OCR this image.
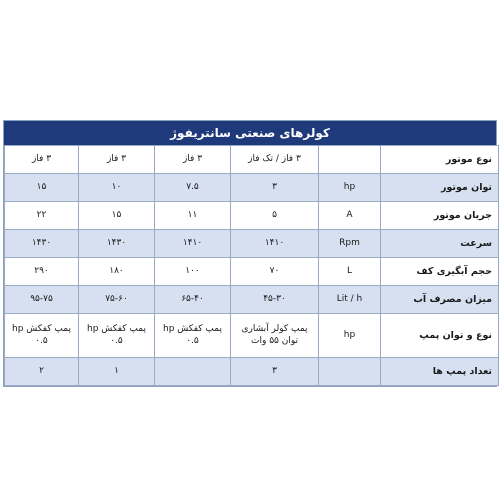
کولرهای صنعتی سانتریفوژ
نوع موتور		۳ فاز / تک فاز	۳ فاز	۳ فاز	۳ فاز
توان موتور	hp	۳	۷.۵	۱۰	۱۵
جریان موتور	A	۵	۱۱	۱۵	۲۲
سرعت	Rpm	۱۴۱۰	۱۴۱۰	۱۴۳۰	۱۴۳۰
حجم آبگیری کف	L	۷۰	۱۰۰	۱۸۰	۲۹۰
میزان مصرف آب	Lit / h	۴۵-۳۰	۶۵-۴۰	۷۵-۶۰	۹۵-۷۵
نوع و توان پمپ	hp	پمپ کولر آبشاری توان ۵۵ وات	پمپ کفکش hp ۰.۵	پمپ کفکش hp ۰.۵	پمپ کفکش hp ۰.۵
تعداد پمپ ها		۳		۱	۲
